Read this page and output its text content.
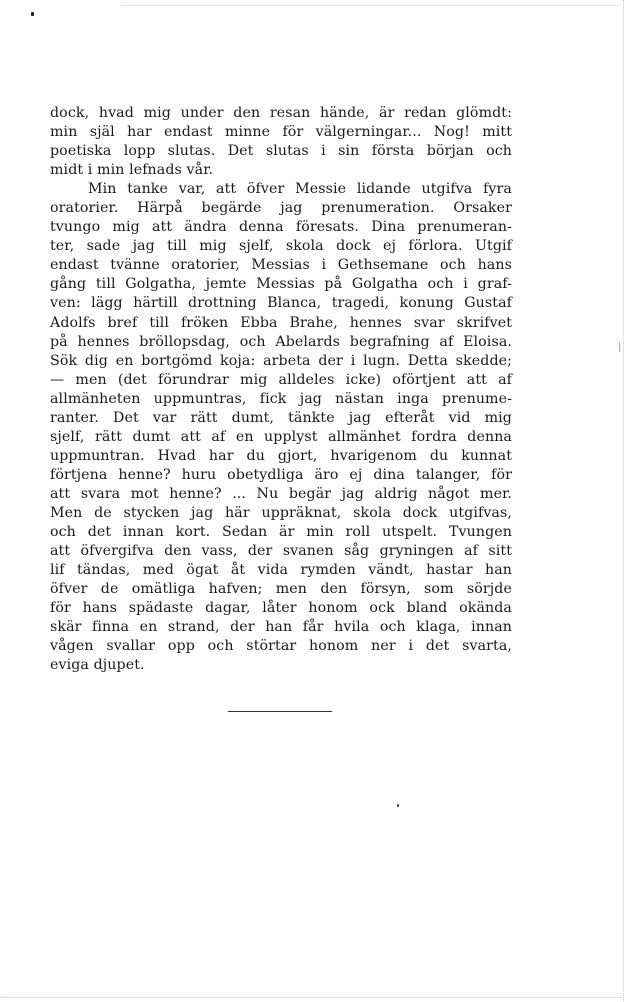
dock, hvad mig under den resan hände, är redan glömdt:
min själ har endast minne för välgerningar... Nog! mitt
poetiska lopp slutas. Det slutas i sin första början och
midt i min lefnads vår.
Min tanke var, att öfver Messie lidande utgifva fyra
oratorier. Härpå begärde jag prenumeration. Orsaker
tvungo mig att ändra denna föresats. Dina prenumeran-
ter, sade jag till mig sjelf, skola dock ej förlora. Utgif
endast tvänne oratorier, Messias i Gethsemane och hans
gång till Golgatha, jemte Messias på Golgatha och i graf-
ven: lägg härtill drottning Blanca, tragedi, konung Gustaf
Adolfs bref till fröken Ebba Brahe, hennes svar skrifvet
på hennes bröllopsdag, och Abelards begrafning af Eloisa.
Sök dig en bortgömd koja: arbeta der i lugn. Detta skedde;
— men (det förundrar mig alldeles icke) oförtjent att af
allmänheten uppmuntras, fick jag nästan inga prenume-
ranter. Det var rätt dumt, tänkte jag efteråt vid mig
sjelf, rätt dumt att af en upplyst allmänhet fordra denna
uppmuntran. Hvad har du gjort, hvarigenom du kunnat
förtjena henne? huru obetydliga äro ej dina talanger, för
att svara mot henne? ... Nu begär jag aldrig något mer.
Men de stycken jag här uppräknat, skola dock utgifvas,
och det innan kort. Sedan är min roll utspelt. Tvungen
att öfvergifva den vass, der svanen såg gryningen af sitt
lif tändas, med ögat åt vida rymden vändt, hastar han
öfver de omätliga hafven; men den försyn, som sörjde
för hans spädaste dagar, låter honom ock bland okända
skär finna en strand, der han får hvila och klaga, innan
vågen svallar opp och störtar honom ner i det svarta,
eviga djupet.
